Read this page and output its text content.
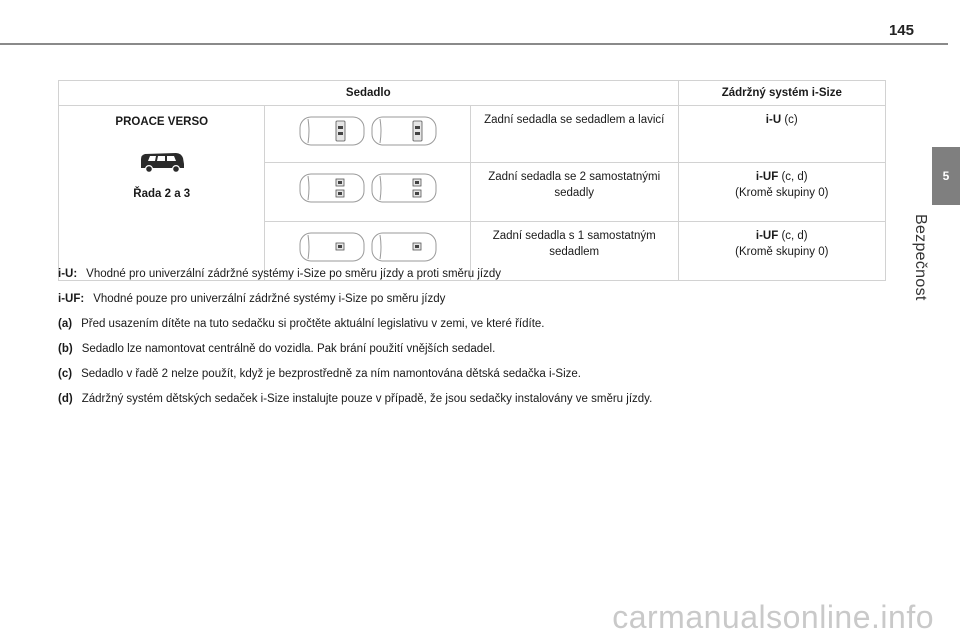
145
5
Bezpečnost
Sedadlo			Zádržný systém i-Size

PROACE VERSO
Řada 2 a 3		Zadní sedadla se sedadlem a lavicí	i-U (c)

	Zadní sedadla se 2 samostatnými sedadly	i-UF (c, d)
(Kromě skupiny 0)

	Zadní sedadla s 1 samostatným sedadlem	i-UF (c, d)
(Kromě skupiny 0)
i-U: Vhodné pro univerzální zádržné systémy i-Size po směru jízdy a proti směru jízdy
i-UF: Vhodné pouze pro univerzální zádržné systémy i-Size po směru jízdy
(a) Před usazením dítěte na tuto sedačku si pročtěte aktuální legislativu v zemi, ve které řídíte.
(b) Sedadlo lze namontovat centrálně do vozidla. Pak brání použití vnějších sedadel.
(c) Sedadlo v řadě 2 nelze použít, když je bezprostředně za ním namontována dětská sedačka i-Size.
(d) Zádržný systém dětských sedaček i-Size instalujte pouze v případě, že jsou sedačky instalovány ve směru jízdy.
carmanualsonline.info
